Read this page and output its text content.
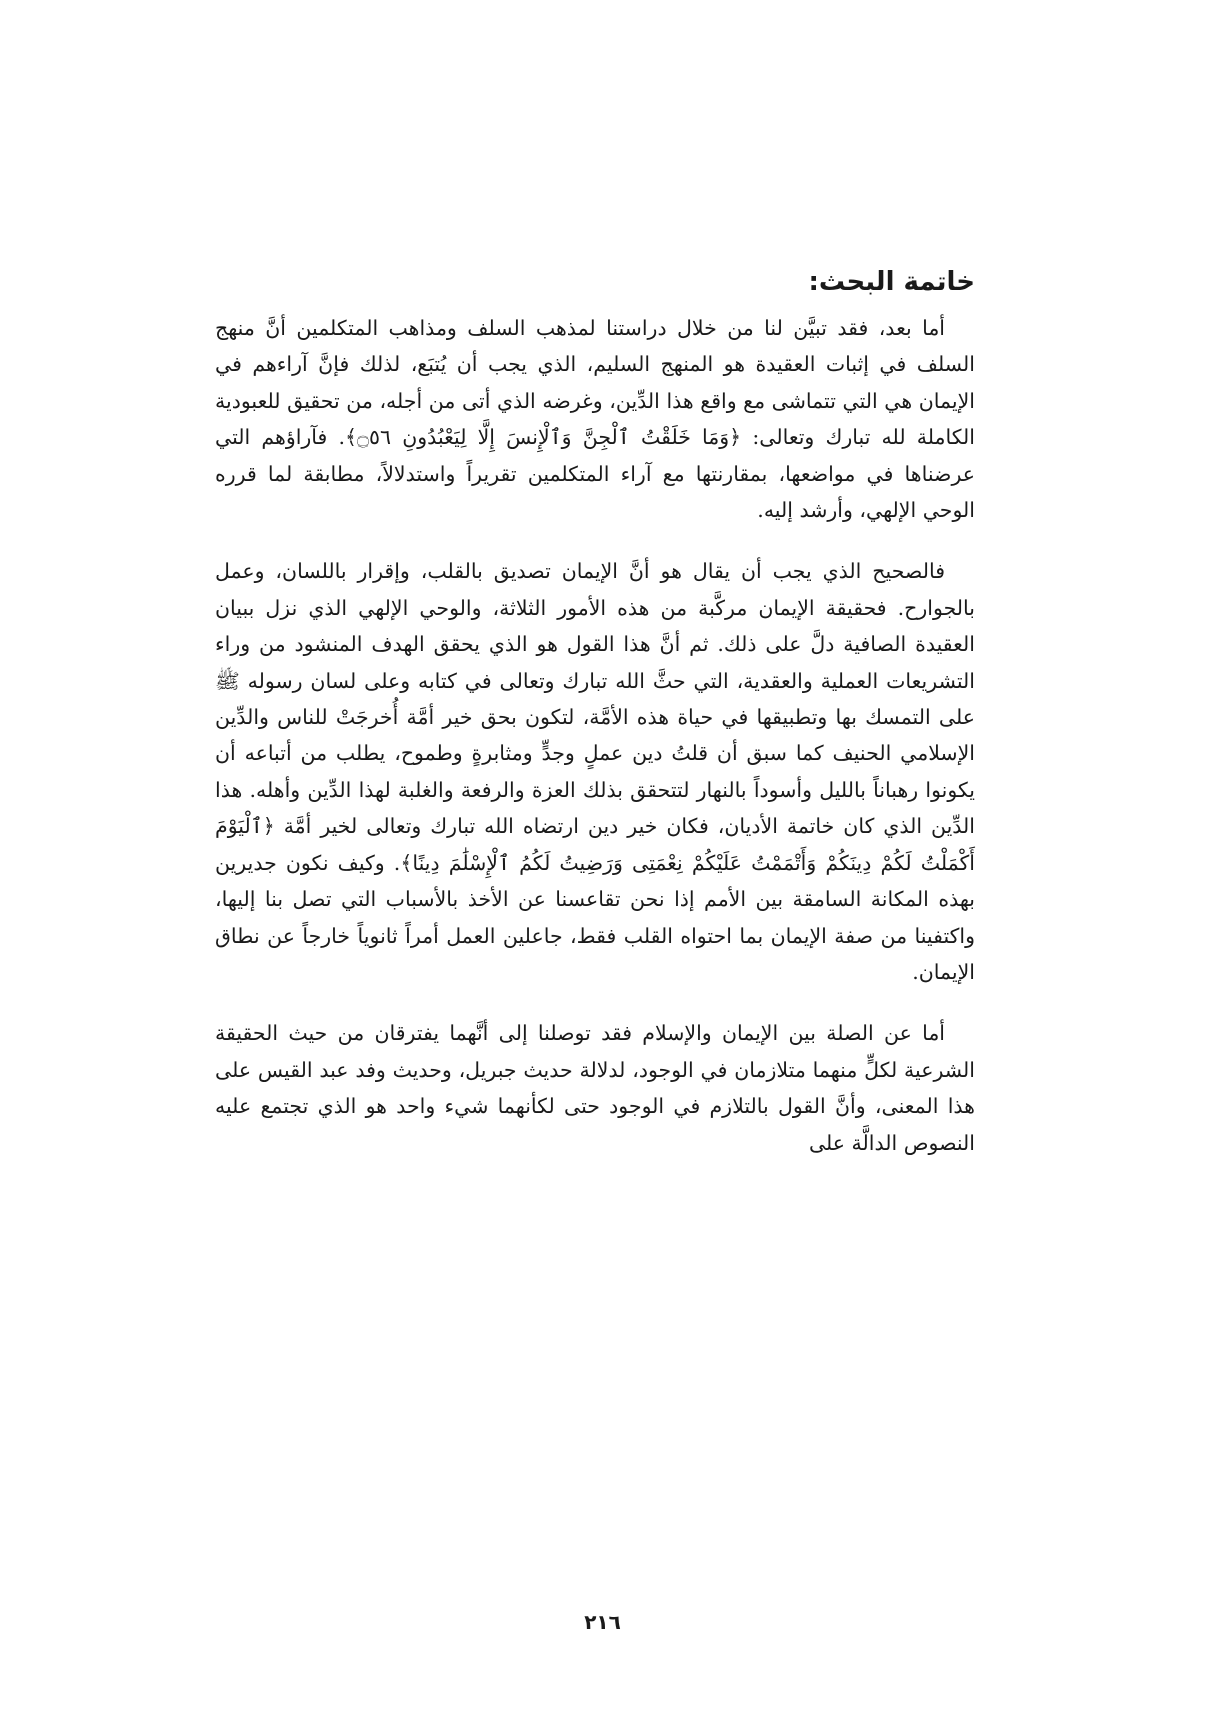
خاتمة البحث:

أما بعد، فقد تبيَّن لنا من خلال دراستنا لمذهب السلف ومذاهب المتكلمين أنَّ منهج السلف في إثبات العقيدة هو المنهج السليم، الذي يجب أن يُتبَع، لذلك فإنَّ آراءهم في الإيمان هي التي تتماشى مع واقع هذا الدِّين، وغرضه الذي أتى من أجله، من تحقيق للعبودية الكاملة لله تبارك وتعالى: ﴿وَمَا خَلَقْتُ ٱلْجِنَّ وَٱلْإِنسَ إِلَّا لِيَعْبُدُونِ ۝٥٦﴾. فآراؤهم التي عرضناها في مواضعها، بمقارنتها مع آراء المتكلمين تقريراً واستدلالاً، مطابقة لما قرره الوحي الإلهي، وأرشد إليه.

فالصحيح الذي يجب أن يقال هو أنَّ الإيمان تصديق بالقلب، وإقرار باللسان، وعمل بالجوارح. فحقيقة الإيمان مركَّبة من هذه الأمور الثلاثة، والوحي الإلهي الذي نزل ببيان العقيدة الصافية دلَّ على ذلك. ثم أنَّ هذا القول هو الذي يحقق الهدف المنشود من وراء التشريعات العملية والعقدية، التي حثَّ الله تبارك وتعالى في كتابه وعلى لسان رسوله ﷺ على التمسك بها وتطبيقها في حياة هذه الأمَّة، لتكون بحق خير أمَّة أُخرجَتْ للناس والدِّين الإسلامي الحنيف كما سبق أن قلتُ دين عملٍ وجدٍّ ومثابرةٍ وطموح، يطلب من أتباعه أن يكونوا رهباناً بالليل وأسوداً بالنهار لتتحقق بذلك العزة والرفعة والغلبة لهذا الدِّين وأهله. هذا الدِّين الذي كان خاتمة الأديان، فكان خير دين ارتضاه الله تبارك وتعالى لخير أمَّة ﴿ٱلْيَوْمَ أَكْمَلْتُ لَكُمْ دِينَكُمْ وَأَتْمَمْتُ عَلَيْكُمْ نِعْمَتِى وَرَضِيتُ لَكُمُ ٱلْإِسْلَٰمَ دِينًا﴾. وكيف نكون جديرين بهذه المكانة السامقة بين الأمم إذا نحن تقاعسنا عن الأخذ بالأسباب التي تصل بنا إليها، واكتفينا من صفة الإيمان بما احتواه القلب فقط، جاعلين العمل أمراً ثانوياً خارجاً عن نطاق الإيمان.

أما عن الصلة بين الإيمان والإسلام فقد توصلنا إلى أنَّهما يفترقان من حيث الحقيقة الشرعية لكلٍّ منهما متلازمان في الوجود، لدلالة حديث جبريل، وحديث وفد عبد القيس على هذا المعنى، وأنَّ القول بالتلازم في الوجود حتى لكأنهما شيء واحد هو الذي تجتمع عليه النصوص الدالَّة على

٢١٦
